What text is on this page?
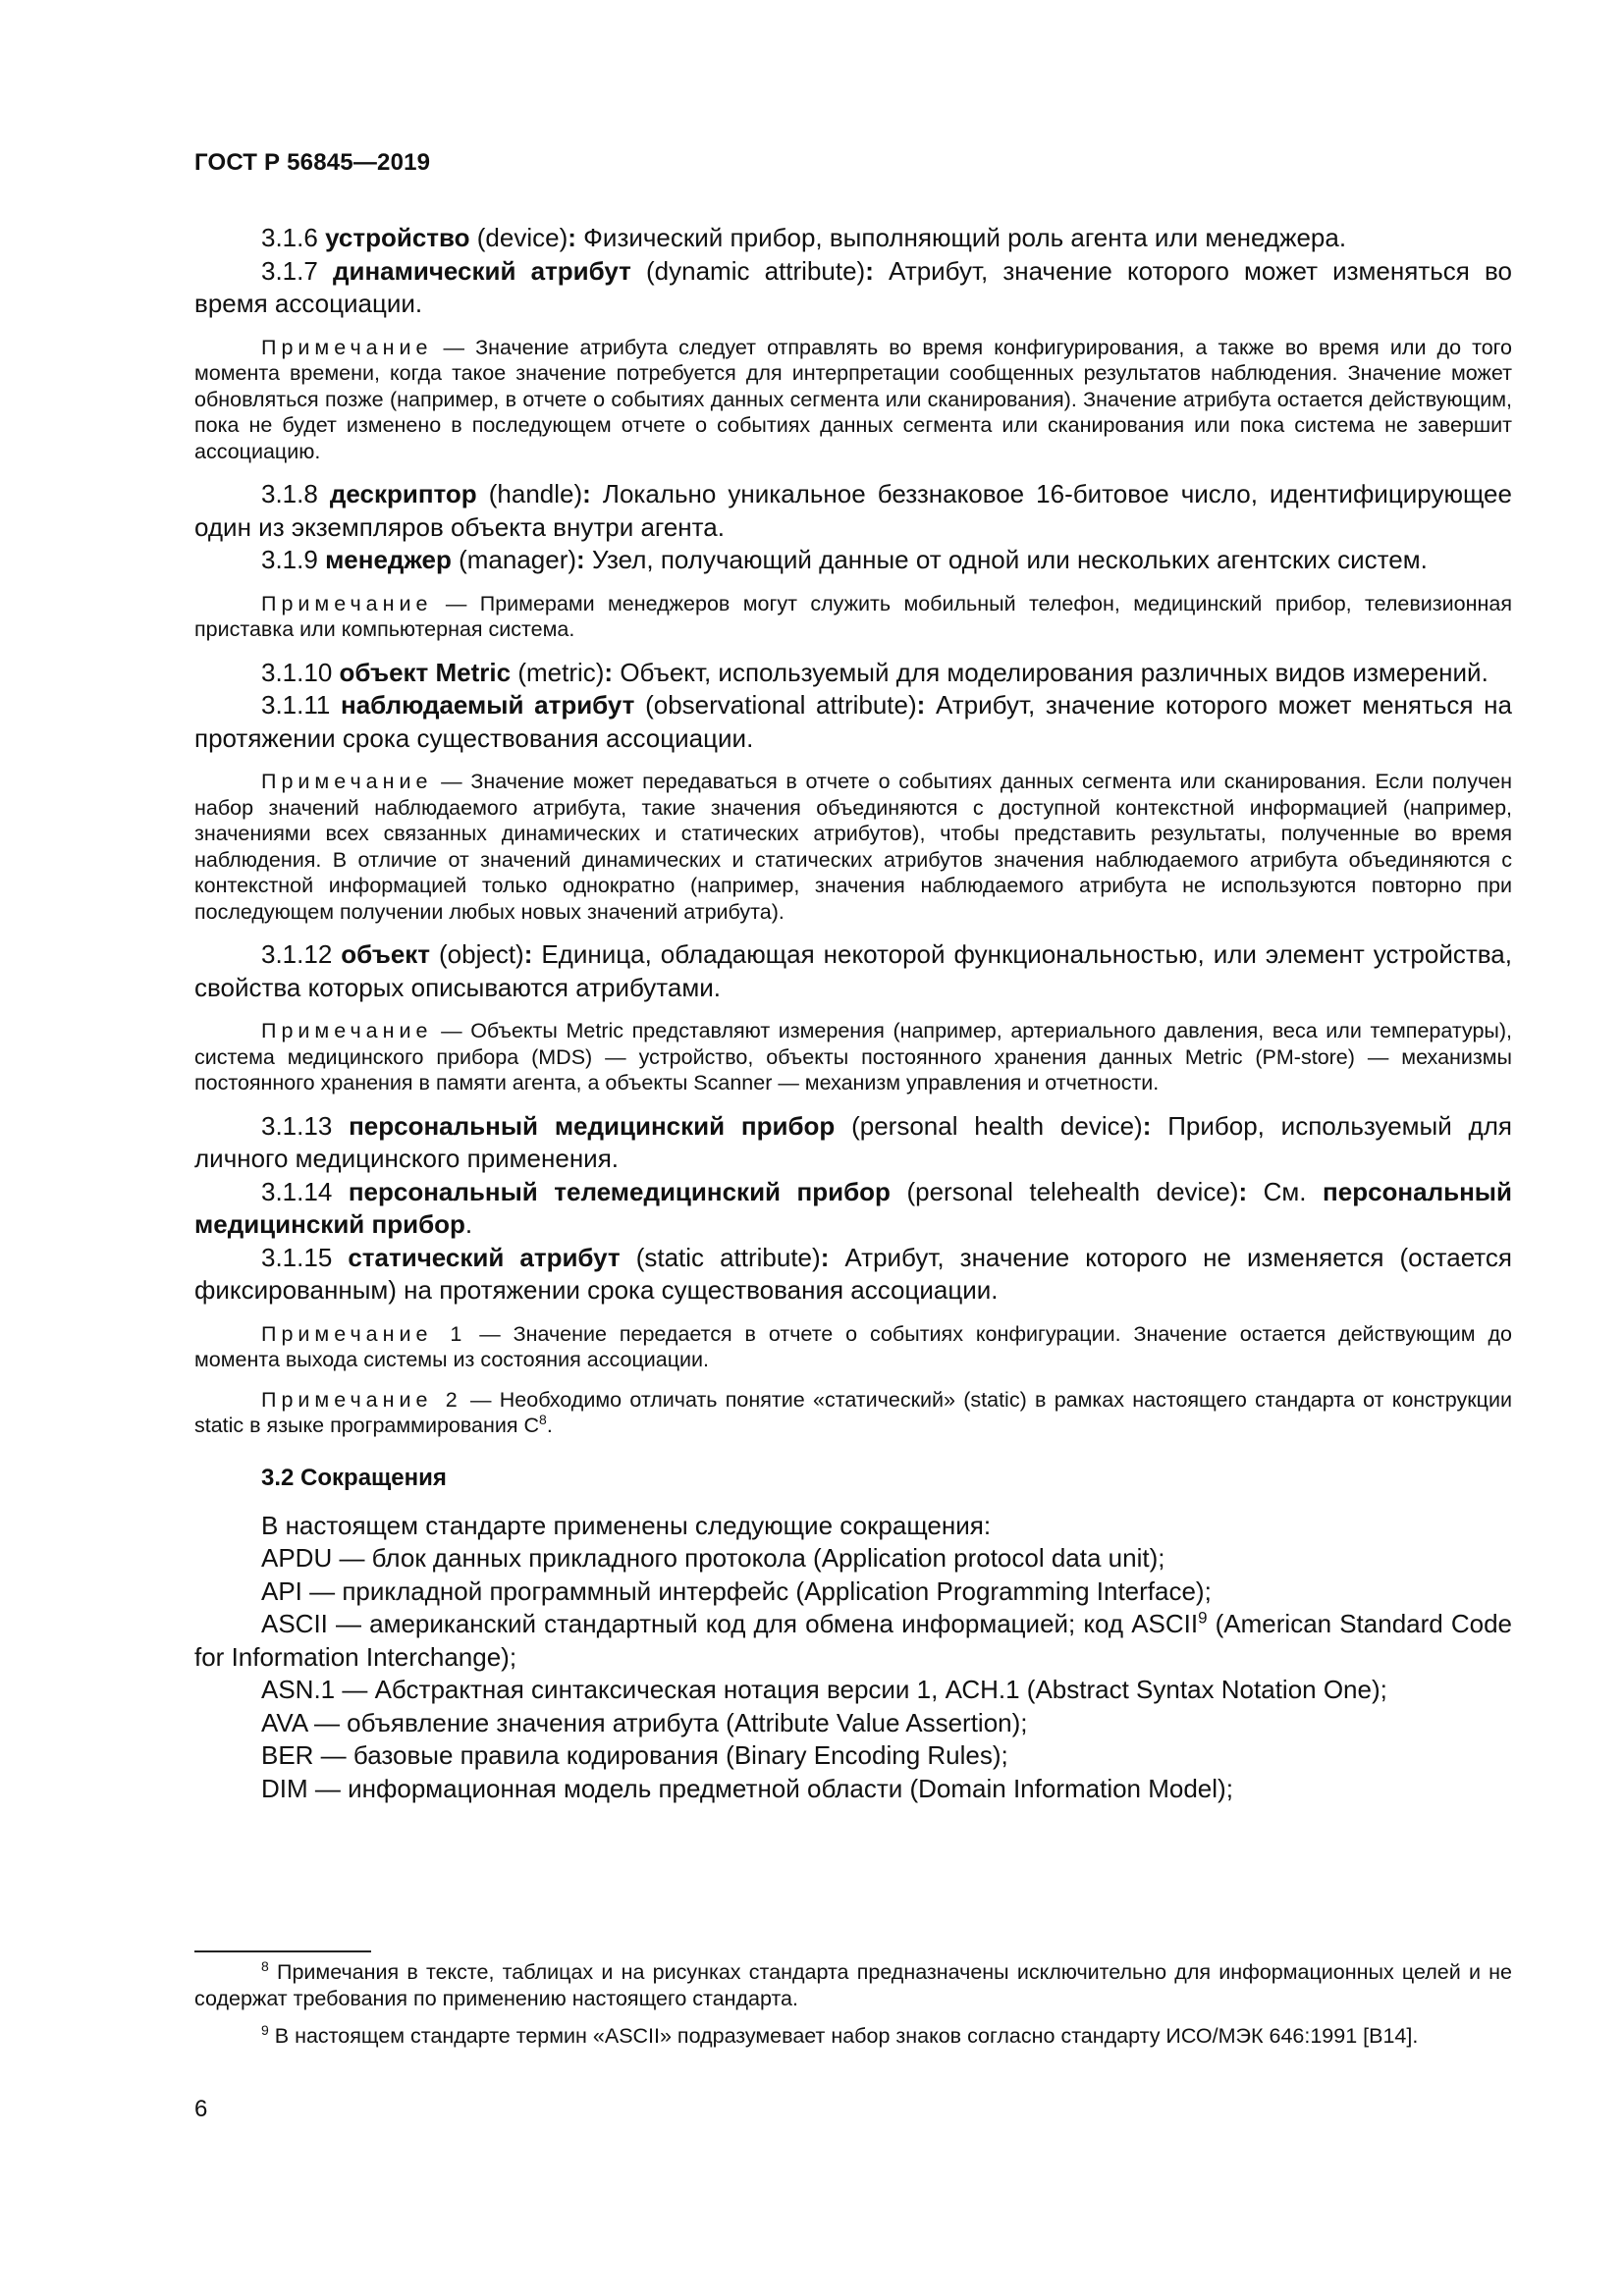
ГОСТ Р 56845—2019

3.1.6 устройство (device): Физический прибор, выполняющий роль агента или менеджера.

3.1.7 динамический атрибут (dynamic attribute): Атрибут, значение которого может изменяться во время ассоциации.

Примечание — Значение атрибута следует отправлять во время конфигурирования, а также во время или до того момента времени, когда такое значение потребуется для интерпретации сообщенных результатов наблюдения. Значение может обновляться позже (например, в отчете о событиях данных сегмента или сканирования). Значение атрибута остается действующим, пока не будет изменено в последующем отчете о событиях данных сегмента или сканирования или пока система не завершит ассоциацию.

3.1.8 дескриптор (handle): Локально уникальное беззнаковое 16-битовое число, идентифицирующее один из экземпляров объекта внутри агента.

3.1.9 менеджер (manager): Узел, получающий данные от одной или нескольких агентских систем.

Примечание — Примерами менеджеров могут служить мобильный телефон, медицинский прибор, телевизионная приставка или компьютерная система.

3.1.10 объект Metric (metric): Объект, используемый для моделирования различных видов измерений.

3.1.11 наблюдаемый атрибут (observational attribute): Атрибут, значение которого может меняться на протяжении срока существования ассоциации.

Примечание — Значение может передаваться в отчете о событиях данных сегмента или сканирования. Если получен набор значений наблюдаемого атрибута, такие значения объединяются с доступной контекстной информацией (например, значениями всех связанных динамических и статических атрибутов), чтобы представить результаты, полученные во время наблюдения. В отличие от значений динамических и статических атрибутов значения наблюдаемого атрибута объединяются с контекстной информацией только однократно (например, значения наблюдаемого атрибута не используются повторно при последующем получении любых новых значений атрибута).

3.1.12 объект (object): Единица, обладающая некоторой функциональностью, или элемент устройства, свойства которых описываются атрибутами.

Примечание — Объекты Metric представляют измерения (например, артериального давления, веса или температуры), система медицинского прибора (MDS) — устройство, объекты постоянного хранения данных Metric (PM-store) — механизмы постоянного хранения в памяти агента, а объекты Scanner — механизм управления и отчетности.

3.1.13 персональный медицинский прибор (personal health device): Прибор, используемый для личного медицинского применения.

3.1.14 персональный телемедицинский прибор (personal telehealth device): См. персональный медицинский прибор.

3.1.15 статический атрибут (static attribute): Атрибут, значение которого не изменяется (остается фиксированным) на протяжении срока существования ассоциации.

Примечание 1 — Значение передается в отчете о событиях конфигурации. Значение остается действующим до момента выхода системы из состояния ассоциации.

Примечание 2 — Необходимо отличать понятие «статический» (static) в рамках настоящего стандарта от конструкции static в языке программирования $C^8$.

3.2 Сокращения

В настоящем стандарте применены следующие сокращения:

APDU — блок данных прикладного протокола (Application protocol data unit);

API — прикладной программный интерфейс (Application Programming Interface);

ASCII — американский стандартный код для обмена информацией; код ASCII$^9$ (American Standard Code for Information Interchange);

ASN.1 — Абстрактная синтаксическая нотация версии 1, АСН.1 (Abstract Syntax Notation One);

AVA — объявление значения атрибута (Attribute Value Assertion);

BER — базовые правила кодирования (Binary Encoding Rules);

DIM — информационная модель предметной области (Domain Information Model);

$^8$ Примечания в тексте, таблицах и на рисунках стандарта предназначены исключительно для информационных целей и не содержат требования по применению настоящего стандарта.

$^9$ В настоящем стандарте термин «ASCII» подразумевает набор знаков согласно стандарту ИСО/МЭК 646:1991 [B14].

6
